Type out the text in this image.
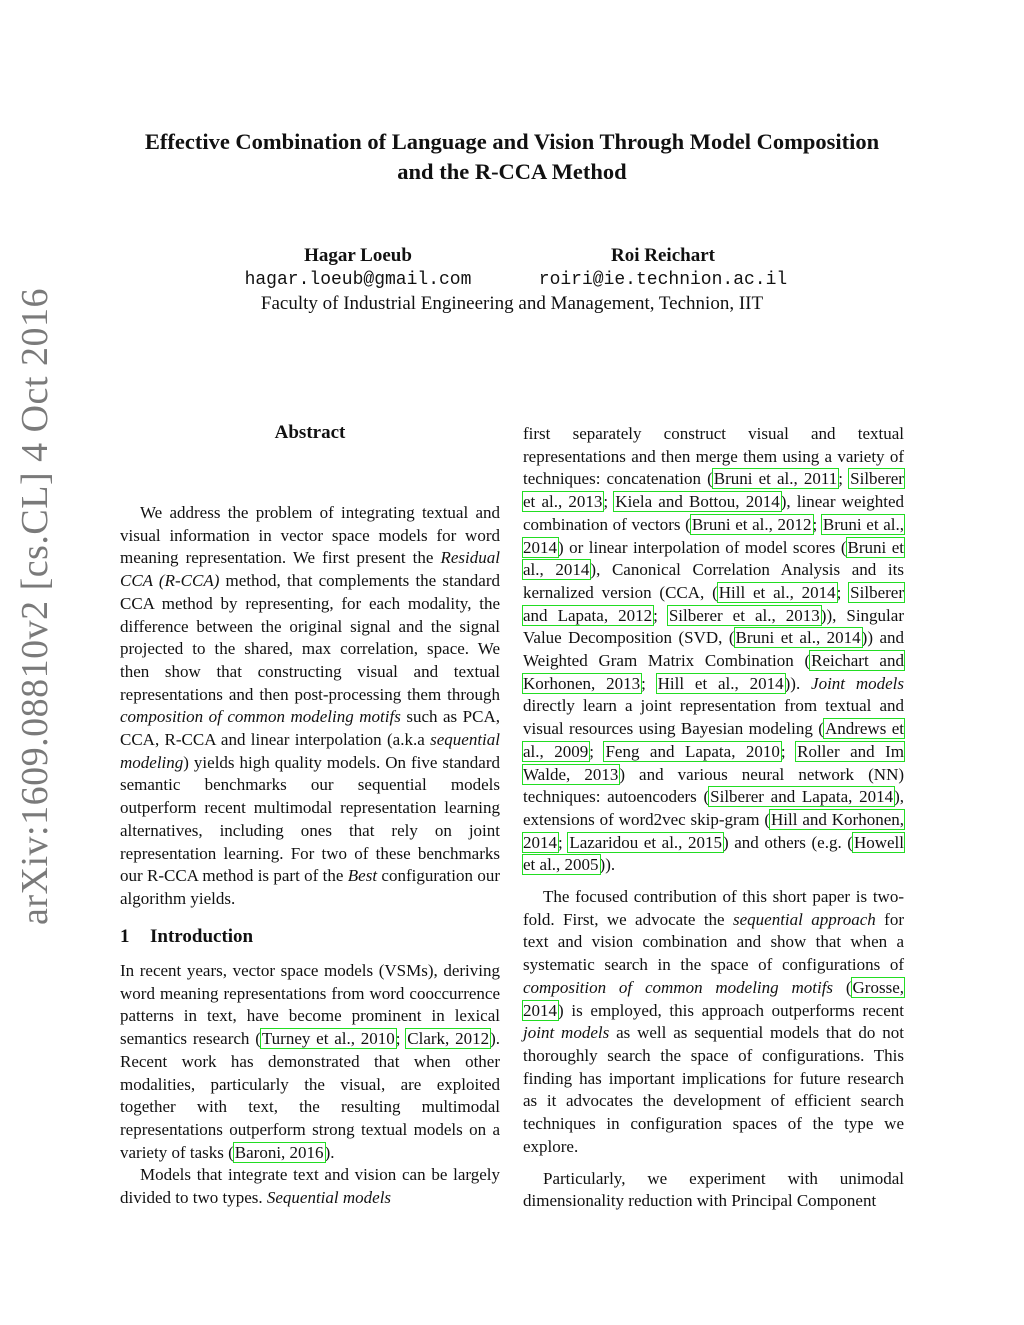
Effective Combination of Language and Vision Through Model Composition
and the R-CCA Method
Hagar Loeub
hagar.loeub@gmail.com
Roi Reichart
roiri@ie.technion.ac.il
Faculty of Industrial Engineering and Management, Technion, IIT
arXiv:1609.08810v2 [cs.CL] 4 Oct 2016	Abstract

We address the problem of integrating textual and visual information in vector space models for word meaning representation. We first present the Residual CCA (R-CCA) method, that complements the standard CCA method by representing, for each modality, the difference between the original signal and the signal projected to the shared, max correlation, space. We then show that constructing visual and textual representations and then post-processing them through composition of common modeling motifs such as PCA, CCA, R-CCA and linear interpolation (a.k.a sequential modeling) yields high quality models. On five standard semantic benchmarks our sequential models outperform recent multimodal representation learning alternatives, including ones that rely on joint representation learning. For two of these benchmarks our R-CCA method is part of the Best configuration our algorithm yields.

1 Introduction

In recent years, vector space models (VSMs), deriving word meaning representations from word cooccurrence patterns in text, have become prominent in lexical semantics research (Turney et al., 2010; Clark, 2012). Recent work has demonstrated that when other modalities, particularly the visual, are exploited together with text, the resulting multimodal representations outperform strong textual models on a variety of tasks (Baroni, 2016).

Models that integrate text and vision can be largely divided to two types. Sequential models

first separately construct visual and textual representations and then merge them using a variety of techniques: concatenation (Bruni et al., 2011; Silberer et al., 2013; Kiela and Bottou, 2014), linear weighted combination of vectors (Bruni et al., 2012; Bruni et al., 2014) or linear interpolation of model scores (Bruni et al., 2014), Canonical Correlation Analysis and its kernalized version (CCA, (Hill et al., 2014; Silberer and Lapata, 2012; Silberer et al., 2013)), Singular Value Decomposition (SVD, (Bruni et al., 2014)) and Weighted Gram Matrix Combination (Reichart and Korhonen, 2013; Hill et al., 2014)). Joint models directly learn a joint representation from textual and visual resources using Bayesian modeling (Andrews et al., 2009; Feng and Lapata, 2010; Roller and Im Walde, 2013) and various neural network (NN) techniques: autoencoders (Silberer and Lapata, 2014), extensions of word2vec skip-gram (Hill and Korhonen, 2014; Lazaridou et al., 2015) and others (e.g. (Howell et al., 2005)).

The focused contribution of this short paper is two-fold. First, we advocate the sequential approach for text and vision combination and show that when a systematic search in the space of configurations of composition of common modeling motifs (Grosse, 2014) is employed, this approach outperforms recent joint models as well as sequential models that do not thoroughly search the space of configurations. This finding has important implications for future research as it advocates the development of efficient search techniques in configuration spaces of the type we explore.

Particularly, we experiment with unimodal dimensionality reduction with Principal Component
